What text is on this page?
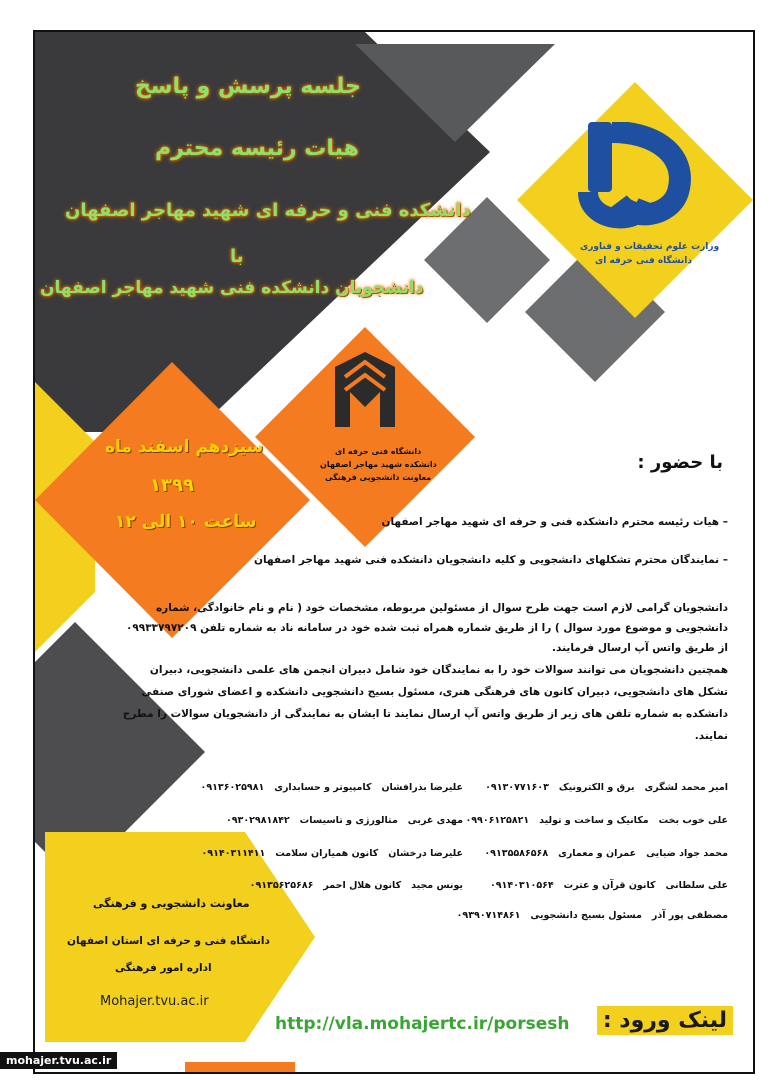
جلسه پرسش و پاسخ
هیات رئیسه محترم
دانشکده فنی و حرفه ای شهید مهاجر اصفهان
با
دانشجویان دانشکده فنی شهید مهاجر اصفهان
وزارت علوم تحقیقات و فناوری
دانشگاه فنی حرفه ای
دانشگاه فنی حرفه ای
دانشکده شهید مهاجر اصفهان
معاونت دانشجویی فرهنگی
سیزدهم اسفند ماه
۱۳۹۹
ساعت ۱۰ الی ۱۲
با حضور :
– هیات رئیسه محترم دانشکده فنی و حرفه ای شهید مهاجر اصفهان
– نمایندگان محترم تشکلهای دانشجویی و کلیه دانشجویان دانشکده فنی شهید مهاجر اصفهان
دانشجویان گرامی لازم است جهت طرح سوال از مسئولین مربوطه، مشخصات خود ( نام و نام خانوادگی، شماره
دانشجویی و موضوع مورد سوال ) را از طریق شماره همراه ثبت شده خود در سامانه ناد به شماره تلفن ۰۹۹۳۳۷۹۷۲۰۹
از طریق واتس آپ ارسال فرمایند.
همچنین دانشجویان می توانند سوالات خود را به نمایندگان خود شامل دبیران انجمن های علمی دانشجویی، دبیران
تشکل های دانشجویی، دبیران کانون های فرهنگی هنری، مسئول بسیج دانشجویی دانشکده و اعضای شورای صنفی
دانشکده به شماره تلفن های زیر از طریق واتس آپ ارسال نمایند تا ایشان به نمایندگی از دانشجویان سوالات را مطرح
نمایند.
امیر محمد لشگری   برق و الکترونیک   ۰۹۱۳۰۷۷۱۶۰۳
علی خوب بخت   مکانیک و ساخت و تولید   ۰۹۹۰۶۱۲۵۸۲۱
محمد جواد ضیایی   عمران و معماری   ۰۹۱۳۵۵۸۶۵۶۸
علی سلطانی   کانون قرآن و عترت   ۰۹۱۴۰۳۱۰۵۶۴
مصطفی پور آذر   مسئول بسیج دانشجویی   ۰۹۳۹۰۷۱۴۸۶۱
علیرضا بذرافشان   کامپیوتر و حسابداری   ۰۹۱۳۶۰۲۵۹۸۱
مهدی غربی   متالورژی و تاسیسات   ۰۹۳۰۲۹۸۱۸۴۲
علیرضا درخشان   کانون همیاران سلامت   ۰۹۱۴۰۳۱۱۴۱۱
یونس مجید   کانون هلال احمر   ۰۹۱۳۵۶۲۵۶۸۶
معاونت دانشجویی و فرهنگی
دانشگاه فنی و حرفه ای استان اصفهان
اداره امور فرهنگی
Mohajer.tvu.ac.ir
لینک ورود :
http://vla.mohajertc.ir/porsesh
mohajer.tvu.ac.ir
